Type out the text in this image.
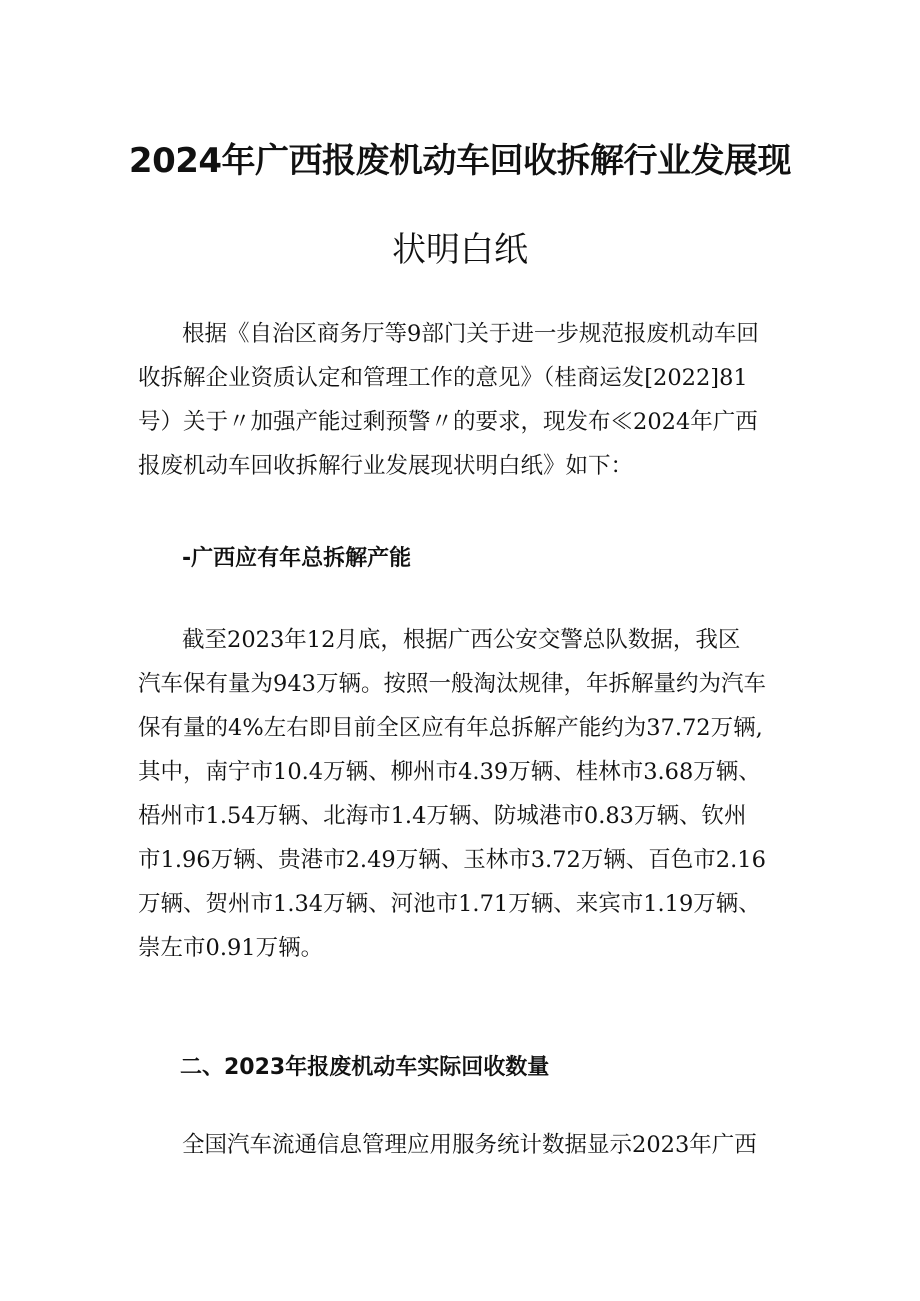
2024年广西报废机动车回收拆解行业发展现
状明白纸
根据《自治区商务厅等9部门关于进一步规范报废机动车回
收拆解企业资质认定和管理工作的意见》（桂商运发[2022]81
号）关于〃加强产能过剩预警〃的要求，现发布≪2024年广西
报废机动车回收拆解行业发展现状明白纸》如下：
-广西应有年总拆解产能
截至2023年12月底，根据广西公安交警总队数据，我区
汽车保有量为943万辆。按照一般淘汰规律，年拆解量约为汽车
保有量的4%左右即目前全区应有年总拆解产能约为37.72万辆,
其中，南宁市10.4万辆、柳州市4.39万辆、桂林市3.68万辆、
梧州市1.54万辆、北海市1.4万辆、防城港市0.83万辆、钦州
市1.96万辆、贵港市2.49万辆、玉林市3.72万辆、百色市2.16
万辆、贺州市1.34万辆、河池市1.71万辆、来宾市1.19万辆、
崇左市0.91万辆。
二、2023年报废机动车实际回收数量
全国汽车流通信息管理应用服务统计数据显示2023年广西
